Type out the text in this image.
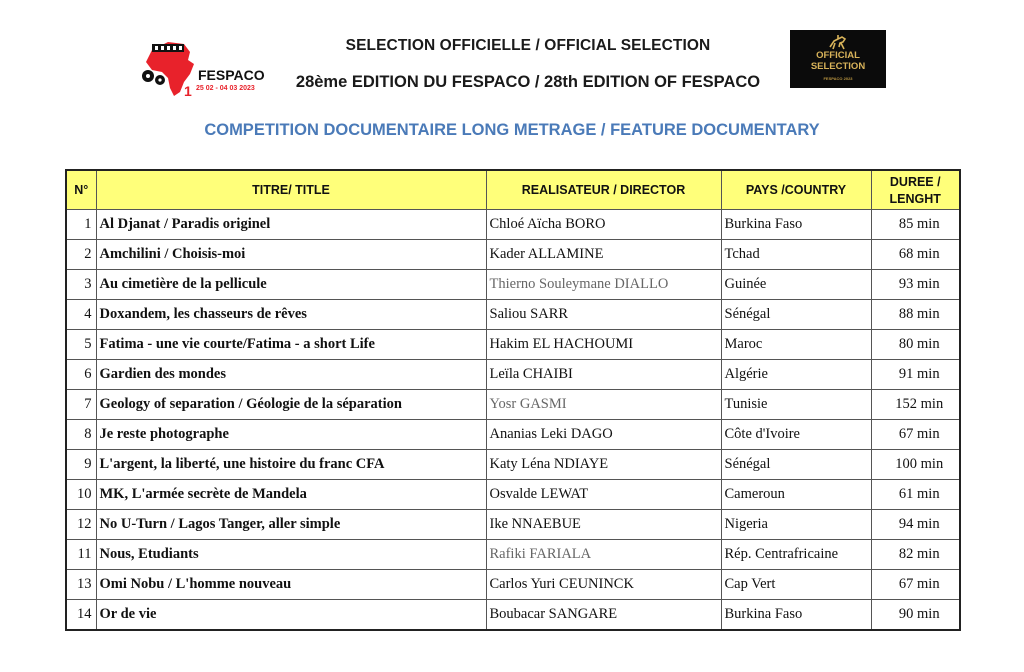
1
FESPACO
25 02 - 04 03 2023
SELECTION OFFICIELLE / OFFICIAL SELECTION
28ème EDITION DU FESPACO / 28th EDITION OF FESPACO
OFFICIAL
SELECTION
FESPACO 2023
COMPETITION DOCUMENTAIRE LONG METRAGE / FEATURE DOCUMENTARY
N°	TITRE/ TITLE	REALISATEUR / DIRECTOR	PAYS /COUNTRY	DUREE /
LENGHT

1	Al Djanat / Paradis originel	Chloé Aïcha BORO	Burkina Faso	85 min
2	Amchilini / Choisis-moi	Kader ALLAMINE	Tchad	68 min
3	Au cimetière de la pellicule	Thierno Souleymane DIALLO	Guinée	93 min
4	Doxandem, les chasseurs de rêves	Saliou SARR	Sénégal	88 min
5	Fatima - une vie courte/Fatima - a short Life	Hakim EL HACHOUMI	Maroc	80 min
6	Gardien des mondes	Leïla CHAIBI	Algérie	91 min
7	Geology of separation / Géologie de la séparation	Yosr GASMI	Tunisie	152 min
8	Je reste photographe	Ananias Leki DAGO	Côte d'Ivoire	67 min
9	L'argent, la liberté, une histoire du franc CFA	Katy Léna NDIAYE	Sénégal	100 min
10	MK, L'armée secrète de Mandela	Osvalde LEWAT	Cameroun	61 min
12	No U-Turn / Lagos Tanger, aller simple	Ike NNAEBUE	Nigeria	94 min
11	Nous, Etudiants	Rafiki FARIALA	Rép. Centrafricaine	82 min
13	Omi Nobu / L'homme nouveau	Carlos Yuri CEUNINCK	Cap Vert	67 min
14	Or de vie	Boubacar SANGARE	Burkina Faso	90 min
